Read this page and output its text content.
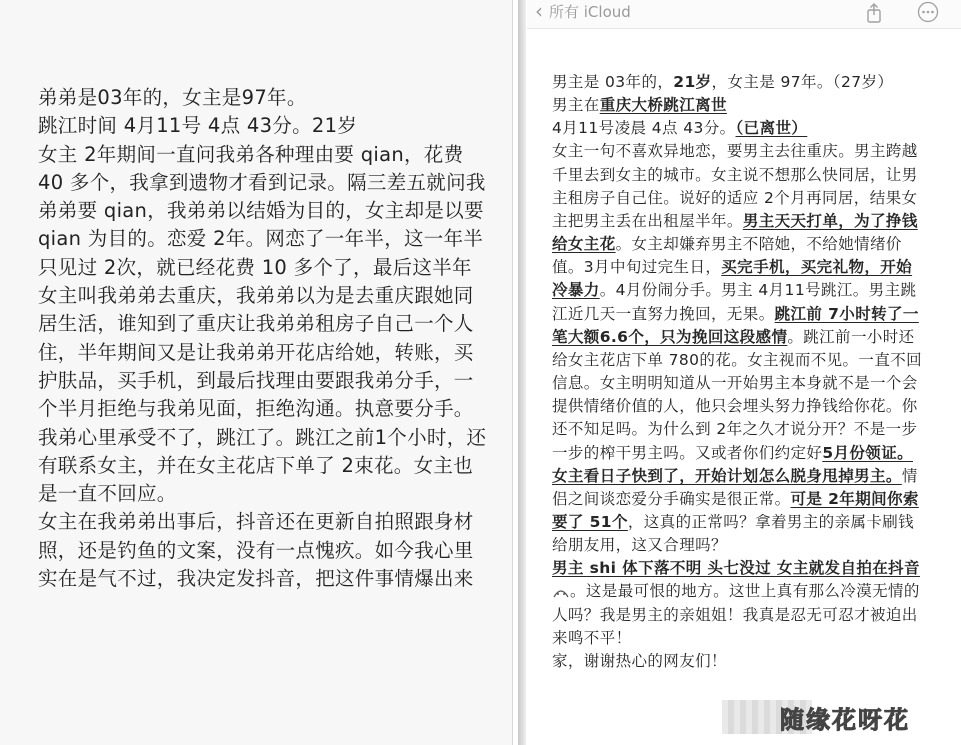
弟弟是03年的，女主是97年。

跳江时间 4月11号 4点 43分。21岁

女主 2年期间一直问我弟各种理由要 qian，花费40 多个，我拿到遗物才看到记录。隔三差五就问我弟弟要 qian，我弟弟以结婚为目的，女主却是以要 qian 为目的。恋爱 2年。网恋了一年半，这一年半只见过 2次，就已经花费 10 多个了，最后这半年女主叫我弟弟去重庆，我弟弟以为是去重庆跟她同居生活，谁知到了重庆让我弟弟租房子自己一个人住，半年期间又是让我弟弟开花店给她，转账，买护肤品，买手机，到最后找理由要跟我弟分手，一个半月拒绝与我弟见面，拒绝沟通。执意要分手。我弟心里承受不了，跳江了。跳江之前1个小时，还有联系女主，并在女主花店下单了 2束花。女主也是一直不回应。

女主在我弟弟出事后，抖音还在更新自拍照跟身材照，还是钓鱼的文案，没有一点愧疚。如今我心里实在是气不过，我决定发抖音，把这件事情爆出来

‹ 所有 iCloud

男主是 03年的，21岁，女主是 97年。（27岁）

男主在重庆大桥跳江离世

4月11号凌晨 4点 43分。（已离世）

女主一句不喜欢异地恋，要男主去往重庆。男主跨越千里去到女主的城市。女主说不想那么快同居，让男主租房子自己住。说好的适应 2个月再同居，结果女主把男主丢在出租屋半年。男主天天打单，为了挣钱给女主花。女主却嫌弃男主不陪她，不给她情绪价值。3月中旬过完生日，买完手机，买完礼物，开始冷暴力。4月份闹分手。男主 4月11号跳江。男主跳江近几天一直努力挽回，无果。跳江前 7小时转了一笔大额6.6个，只为挽回这段感情。跳江前一小时还给女主花店下单 780的花。女主视而不见。一直不回信息。女主明明知道从一开始男主本身就不是一个会提供情绪价值的人，他只会埋头努力挣钱给你花。你还不知足吗。为什么到 2年之久才说分开？不是一步一步的榨干男主吗。又或者你们约定好5月份领证。女主看日子快到了，开始计划怎么脱身甩掉男主。情侣之间谈恋爱分手确实是很正常。可是 2年期间你索要了 51个，这真的正常吗？拿着男主的亲属卡刷钱给朋友用，这又合理吗？

男主 shi 体下落不明 头七没过 女主就发自拍在抖音。这是最可恨的地方。这世上真有那么冷漠无情的人吗？我是男主的亲姐姐！我真是忍无可忍才被迫出来鸣不平！

家，谢谢热心的网友们！

随缘花呀花
